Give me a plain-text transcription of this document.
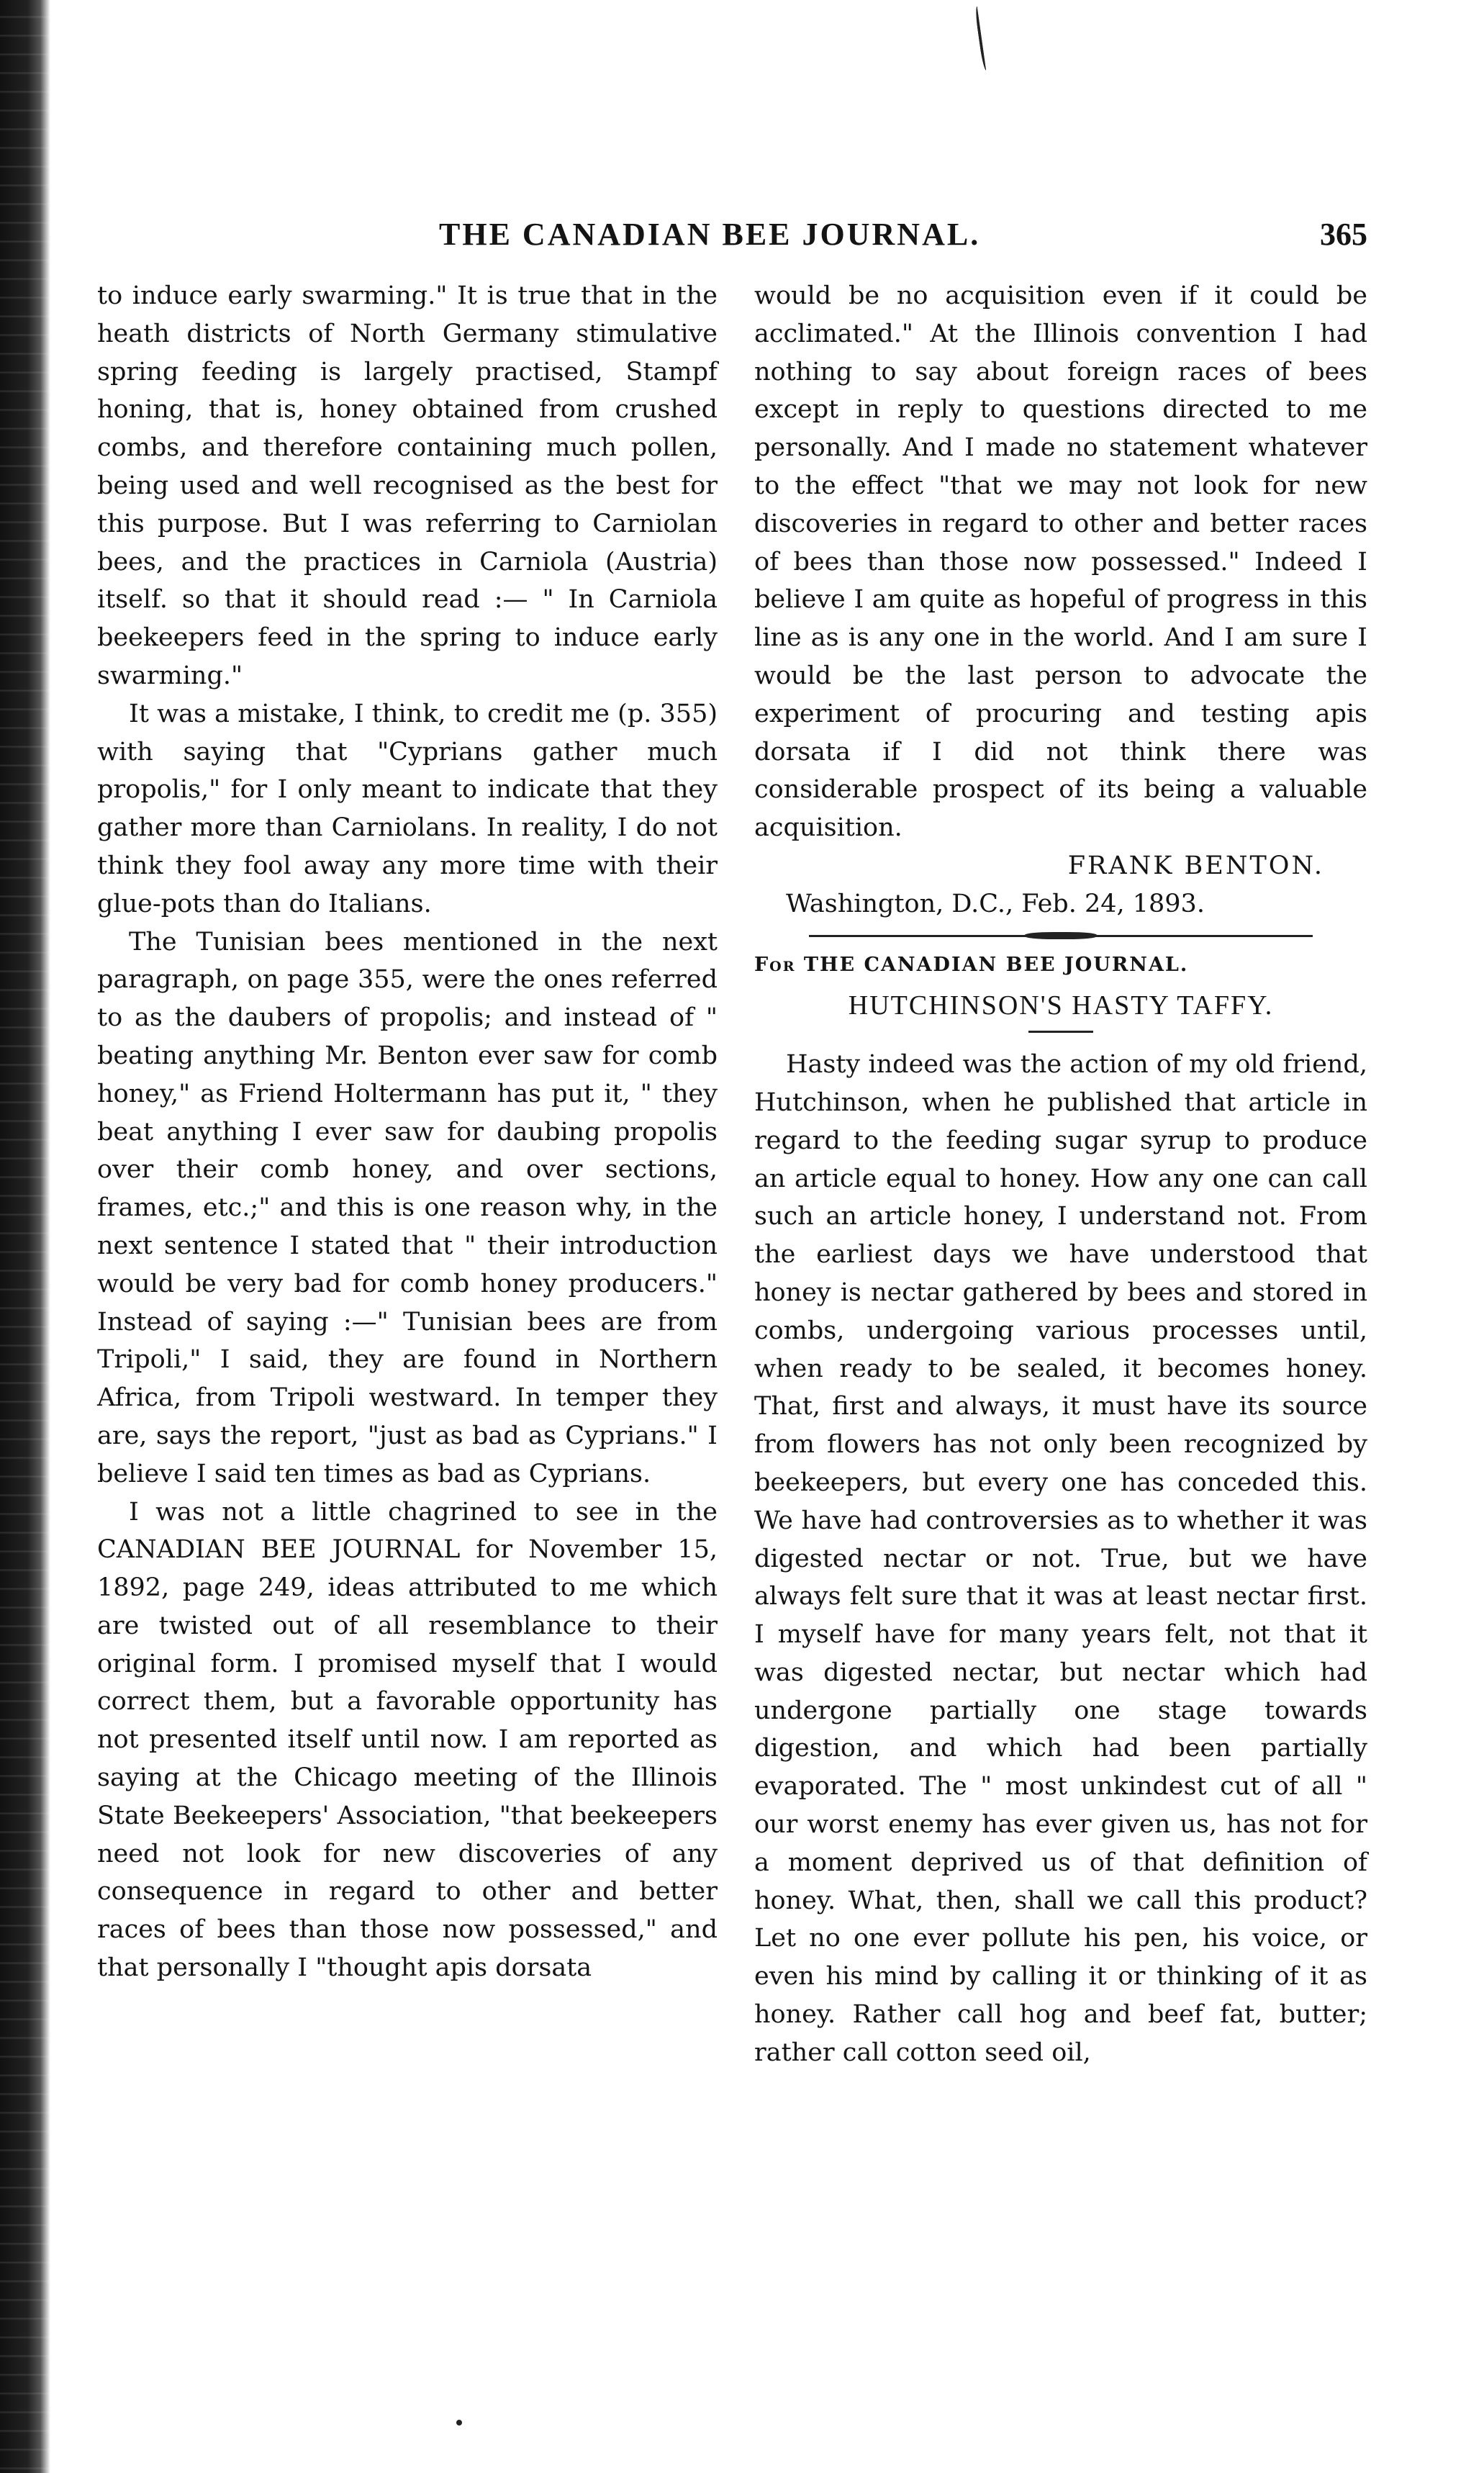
THE CANADIAN BEE JOURNAL.	365

to induce early swarming." It is true that in the heath districts of North Germany stimulative spring feeding is largely practised, Stampf honing, that is, honey obtained from crushed combs, and therefore containing much pollen, being used and well recognised as the best for this purpose. But I was referring to Carniolan bees, and the practices in Carniola (Austria) itself. so that it should read :— " In Carniola beekeepers feed in the spring to induce early swarming."

It was a mistake, I think, to credit me (p. 355) with saying that "Cyprians gather much propolis," for I only meant to indicate that they gather more than Carniolans. In reality, I do not think they fool away any more time with their glue-pots than do Italians.

The Tunisian bees mentioned in the next paragraph, on page 355, were the ones referred to as the daubers of propolis; and instead of " beating anything Mr. Benton ever saw for comb honey," as Friend Holtermann has put it, " they beat anything I ever saw for daubing propolis over their comb honey, and over sections, frames, etc.;" and this is one reason why, in the next sentence I stated that " their introduction would be very bad for comb honey producers." Instead of saying :—" Tunisian bees are from Tripoli," I said, they are found in Northern Africa, from Tripoli westward. In temper they are, says the report, "just as bad as Cyprians." I believe I said ten times as bad as Cyprians.

I was not a little chagrined to see in the CANADIAN BEE JOURNAL for November 15, 1892, page 249, ideas attributed to me which are twisted out of all resemblance to their original form. I promised myself that I would correct them, but a favorable opportunity has not presented itself until now. I am reported as saying at the Chicago meeting of the Illinois State Beekeepers' Association, "that beekeepers need not look for new discoveries of any consequence in regard to other and better races of bees than those now possessed," and that personally I "thought apis dorsata

would be no acquisition even if it could be acclimated." At the Illinois convention I had nothing to say about foreign races of bees except in reply to questions directed to me personally. And I made no statement whatever to the effect "that we may not look for new discoveries in regard to other and better races of bees than those now possessed." Indeed I believe I am quite as hopeful of progress in this line as is any one in the world. And I am sure I would be the last person to advocate the experiment of procuring and testing apis dorsata if I did not think there was considerable prospect of its being a valuable acquisition.

FRANK BENTON.

Washington, D.C., Feb. 24, 1893.

For THE CANADIAN BEE JOURNAL.
HUTCHINSON'S HASTY TAFFY.

Hasty indeed was the action of my old friend, Hutchinson, when he published that article in regard to the feeding sugar syrup to produce an article equal to honey. How any one can call such an article honey, I understand not. From the earliest days we have understood that honey is nectar gathered by bees and stored in combs, undergoing various processes until, when ready to be sealed, it becomes honey. That, first and always, it must have its source from flowers has not only been recognized by beekeepers, but every one has conceded this. We have had controversies as to whether it was digested nectar or not. True, but we have always felt sure that it was at least nectar first. I myself have for many years felt, not that it was digested nectar, but nectar which had undergone partially one stage towards digestion, and which had been partially evaporated. The " most unkindest cut of all " our worst enemy has ever given us, has not for a moment deprived us of that definition of honey. What, then, shall we call this product? Let no one ever pollute his pen, his voice, or even his mind by calling it or thinking of it as honey. Rather call hog and beef fat, butter; rather call cotton seed oil,
